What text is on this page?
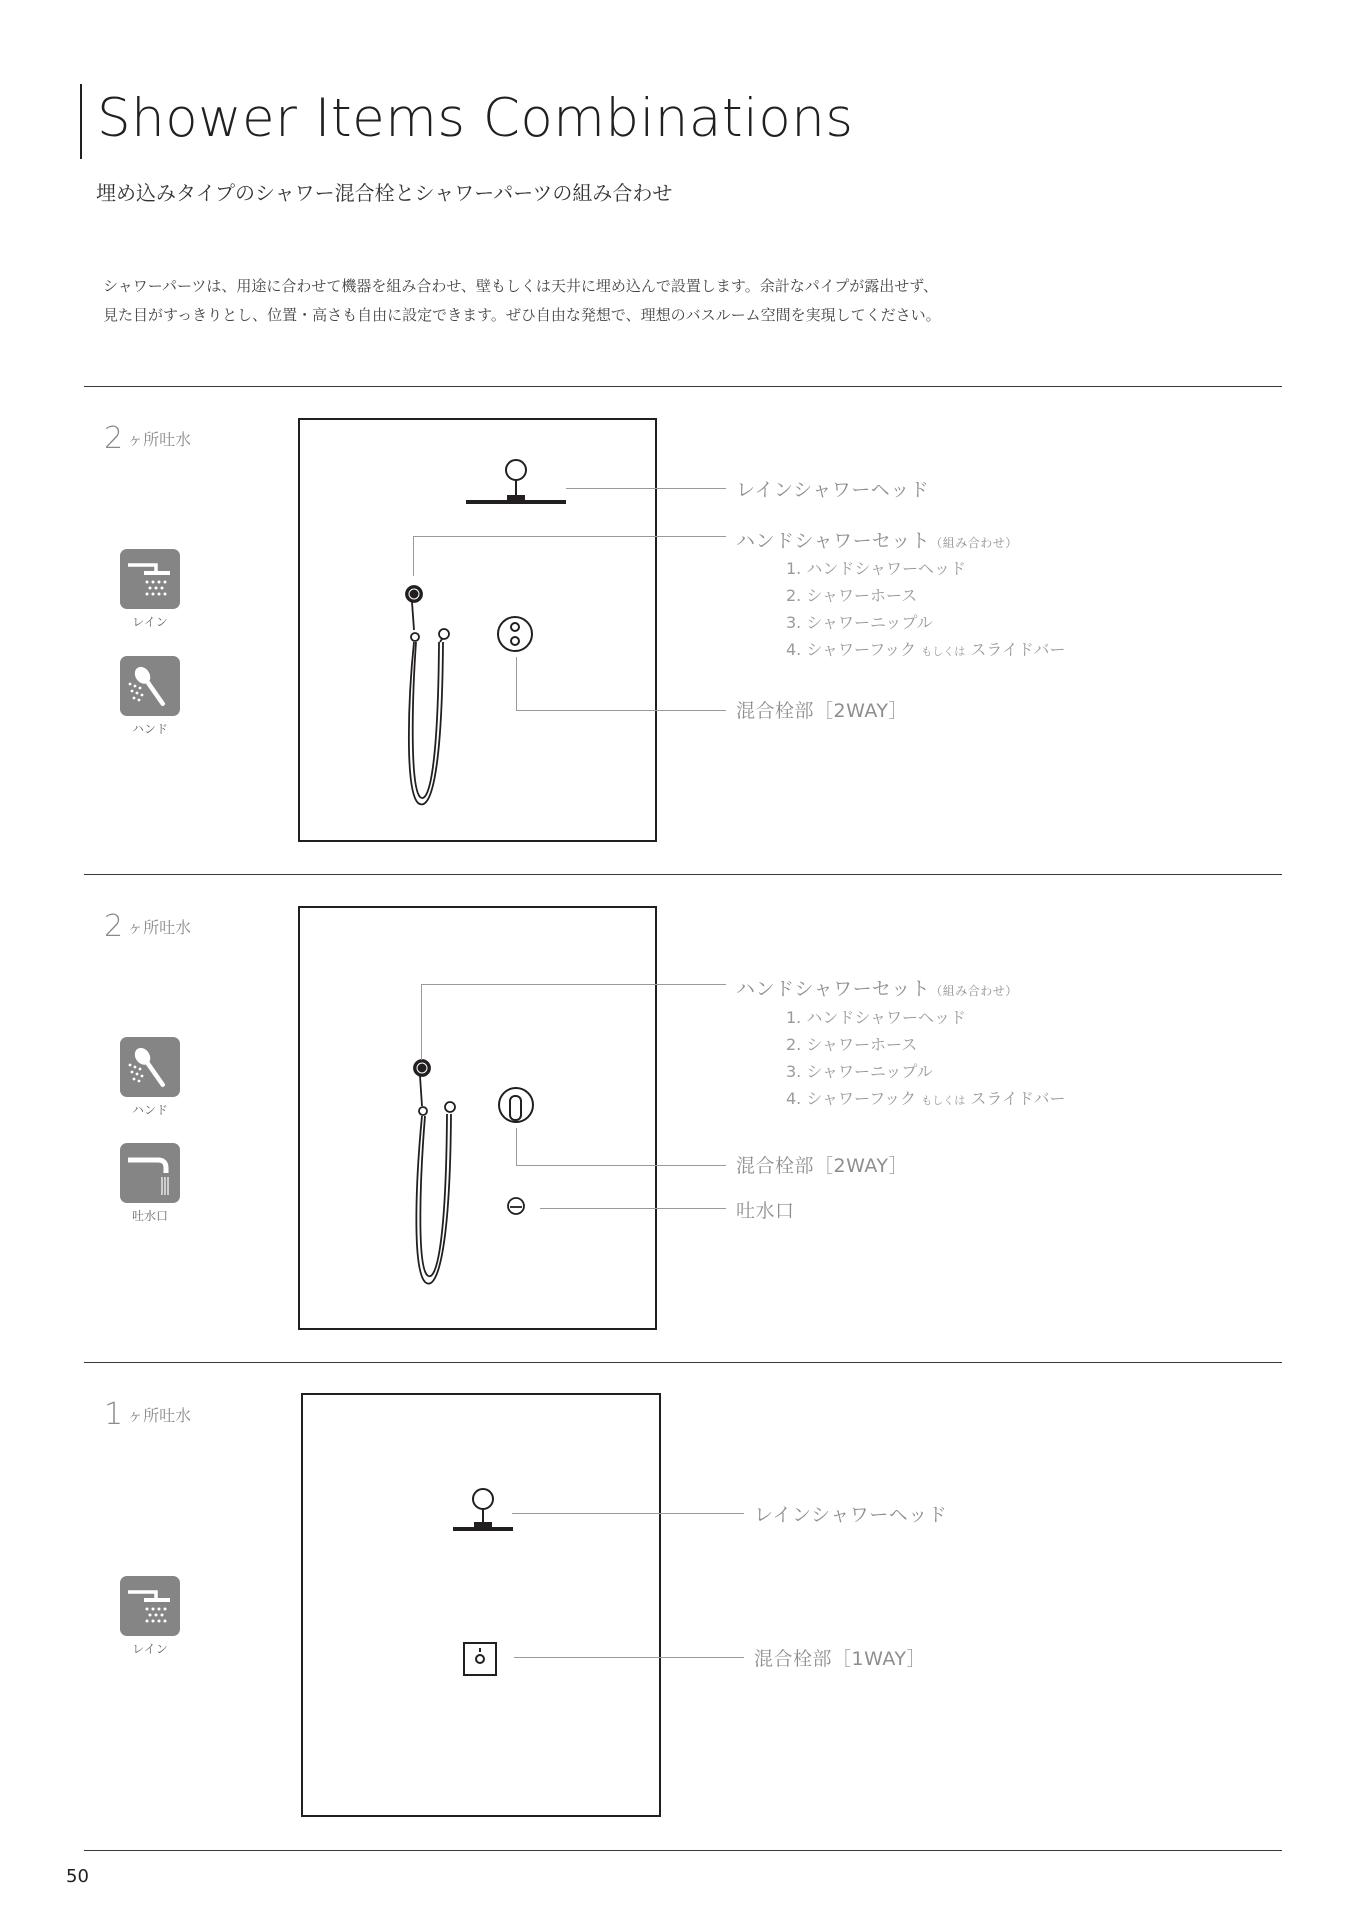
Shower Items Combinations
埋め込みタイプのシャワー混合栓とシャワーパーツの組み合わせ
シャワーパーツは、用途に合わせて機器を組み合わせ、壁もしくは天井に埋め込んで設置します。余計なパイプが露出せず、
見た目がすっきりとし、位置・高さも自由に設定できます。ぜひ自由な発想で、理想のバスルーム空間を実現してください。
2 ヶ所吐水
レイン
ハンド
レインシャワーヘッド
ハンドシャワーセット（組み合わせ）
1. ハンドシャワーヘッド
2. シャワーホース
3. シャワーニップル
4. シャワーフック もしくは スライドバー
混合栓部［2WAY］
2 ヶ所吐水
ハンド
吐水口
ハンドシャワーセット（組み合わせ）
1. ハンドシャワーヘッド
2. シャワーホース
3. シャワーニップル
4. シャワーフック もしくは スライドバー
混合栓部［2WAY］
吐水口
1 ヶ所吐水
レイン
レインシャワーヘッド
混合栓部［1WAY］
50
